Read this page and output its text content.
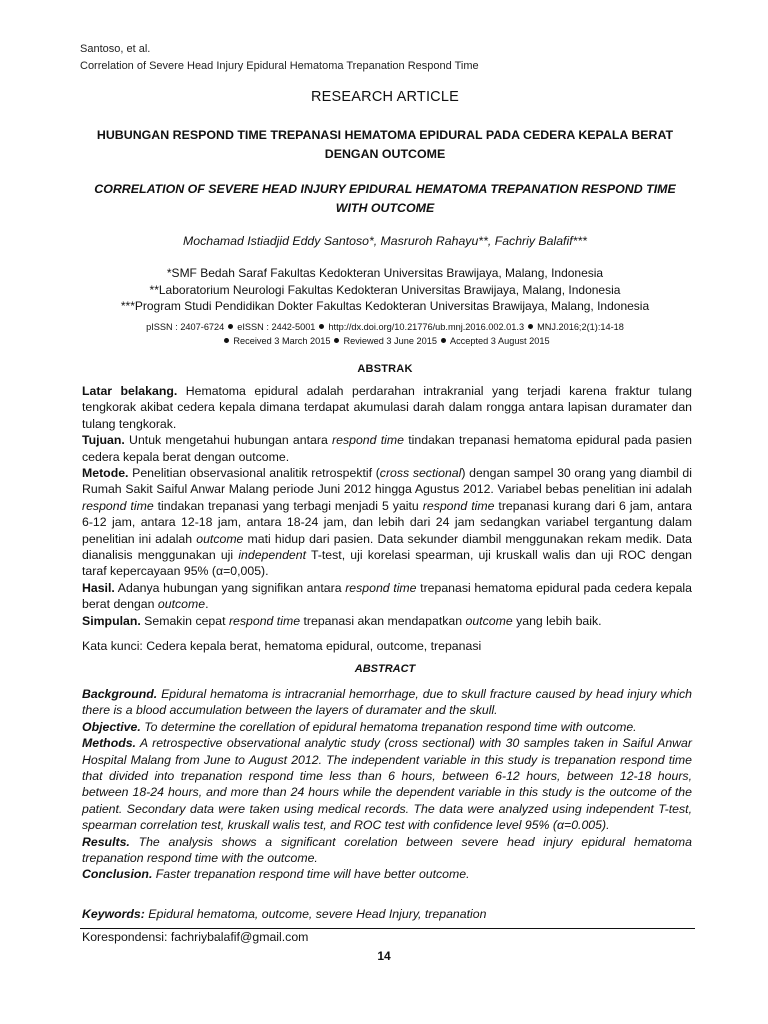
Santoso, et al.
Correlation of Severe Head Injury Epidural Hematoma Trepanation Respond Time
RESEARCH ARTICLE
HUBUNGAN RESPOND TIME TREPANASI HEMATOMA EPIDURAL PADA CEDERA KEPALA BERAT
DENGAN OUTCOME
CORRELATION OF SEVERE HEAD INJURY EPIDURAL HEMATOMA TREPANATION RESPOND TIME
WITH OUTCOME
Mochamad Istiadjid Eddy Santoso*, Masruroh Rahayu**, Fachriy Balafif***
*SMF Bedah Saraf Fakultas Kedokteran Universitas Brawijaya, Malang, Indonesia
**Laboratorium Neurologi Fakultas Kedokteran Universitas Brawijaya, Malang, Indonesia
***Program Studi Pendidikan Dokter Fakultas Kedokteran Universitas Brawijaya, Malang, Indonesia
pISSN : 2407-6724 eISSN : 2442-5001 http://dx.doi.org/10.21776/ub.mnj.2016.002.01.3 MNJ.2016;2(1):14-18
Received 3 March 2015 Reviewed 3 June 2015 Accepted 3 August 2015
ABSTRAK

Latar belakang. Hematoma epidural adalah perdarahan intrakranial yang terjadi karena fraktur tulang tengkorak akibat cedera kepala dimana terdapat akumulasi darah dalam rongga antara lapisan duramater dan tulang tengkorak.

Tujuan. Untuk mengetahui hubungan antara respond time tindakan trepanasi hematoma epidural pada pasien cedera kepala berat dengan outcome.

Metode. Penelitian observasional analitik retrospektif (cross sectional) dengan sampel 30 orang yang diambil di Rumah Sakit Saiful Anwar Malang periode Juni 2012 hingga Agustus 2012. Variabel bebas penelitian ini adalah respond time tindakan trepanasi yang terbagi menjadi 5 yaitu respond time trepanasi kurang dari 6 jam, antara 6-12 jam, antara 12-18 jam, antara 18-24 jam, dan lebih dari 24 jam sedangkan variabel tergantung dalam penelitian ini adalah outcome mati hidup dari pasien. Data sekunder diambil menggunakan rekam medik. Data dianalisis menggunakan uji independent T-test, uji korelasi spearman, uji kruskall walis dan uji ROC dengan taraf kepercayaan 95% (α=0,005).

Hasil. Adanya hubungan yang signifikan antara respond time trepanasi hematoma epidural pada cedera kepala berat dengan outcome.

Simpulan. Semakin cepat respond time trepanasi akan mendapatkan outcome yang lebih baik.

Kata kunci: Cedera kepala berat, hematoma epidural, outcome, trepanasi
ABSTRACT

Background. Epidural hematoma is intracranial hemorrhage, due to skull fracture caused by head injury which there is a blood accumulation between the layers of duramater and the skull.

Objective. To determine the corellation of epidural hematoma trepanation respond time with outcome.

Methods. A retrospective observational analytic study (cross sectional) with 30 samples taken in Saiful Anwar Hospital Malang from June to August 2012. The independent variable in this study is trepanation respond time that divided into trepanation respond time less than 6 hours, between 6-12 hours, between 12-18 hours, between 18-24 hours, and more than 24 hours while the dependent variable in this study is the outcome of the patient. Secondary data were taken using medical records. The data were analyzed using independent T-test, spearman correlation test, kruskall walis test, and ROC test with confidence level 95% (α=0.005).

Results. The analysis shows a significant corelation between severe head injury epidural hematoma trepanation respond time with the outcome.

Conclusion. Faster trepanation respond time will have better outcome.

Keywords: Epidural hematoma, outcome, severe Head Injury, trepanation
Korespondensi: fachriybalafif@gmail.com
14
